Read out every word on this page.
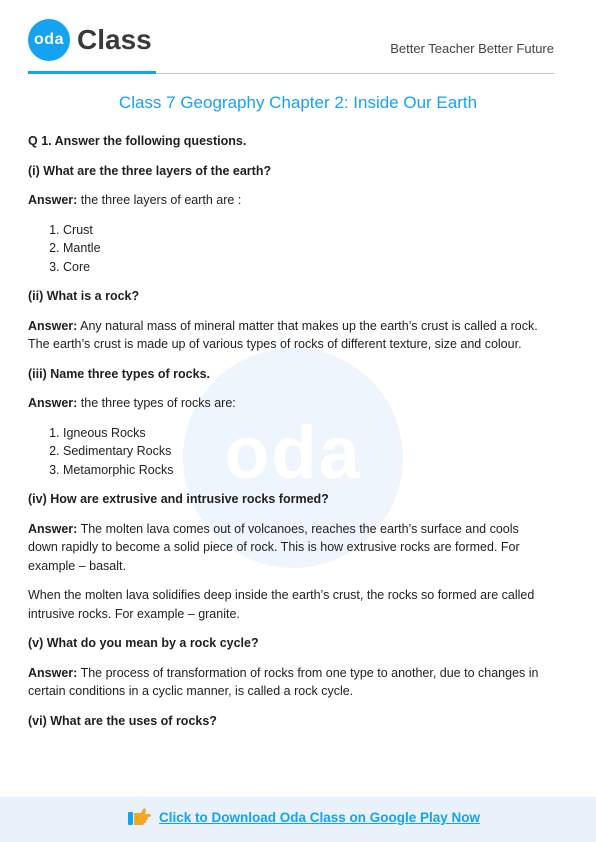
oda Class	Better Teacher Better Future
oda
Class 7 Geography Chapter 2: Inside Our Earth

Q 1. Answer the following questions.

(i) What are the three layers of the earth?

Answer: the three layers of earth are :

1. Crust
2. Mantle
3. Core

(ii) What is a rock?

Answer: Any natural mass of mineral matter that makes up the earth’s crust is called a rock. The earth’s crust is made up of various types of rocks of different texture, size and colour.

(iii) Name three types of rocks.

Answer: the three types of rocks are:

1. Igneous Rocks
2. Sedimentary Rocks
3. Metamorphic Rocks

(iv) How are extrusive and intrusive rocks formed?

Answer: The molten lava comes out of volcanoes, reaches the earth’s surface and cools down rapidly to become a solid piece of rock. This is how extrusive rocks are formed. For example – basalt.

When the molten lava solidifies deep inside the earth’s crust, the rocks so formed are called intrusive rocks. For example – granite.

(v) What do you mean by a rock cycle?

Answer: The process of transformation of rocks from one type to another, due to changes in certain conditions in a cyclic manner, is called a rock cycle.

(vi) What are the uses of rocks?

Click to Download Oda Class on Google Play Now
